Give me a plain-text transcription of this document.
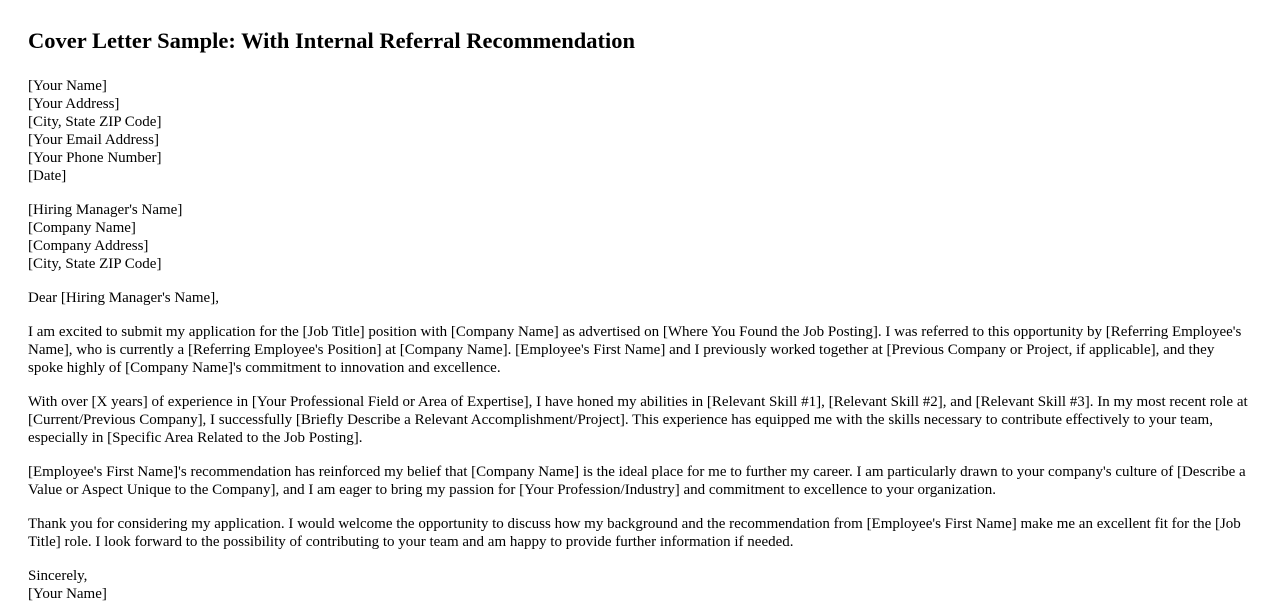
Cover Letter Sample: With Internal Referral Recommendation
[Your Name]
[Your Address]
[City, State ZIP Code]
[Your Email Address]
[Your Phone Number]
[Date]
[Hiring Manager's Name]
[Company Name]
[Company Address]
[City, State ZIP Code]

Dear [Hiring Manager's Name],

I am excited to submit my application for the [Job Title] position with [Company Name] as advertised on [Where You Found the Job Posting]. I was referred to this opportunity by [Referring Employee's Name], who is currently a [Referring Employee's Position] at [Company Name]. [Employee's First Name] and I previously worked together at [Previous Company or Project, if applicable], and they spoke highly of [Company Name]'s commitment to innovation and excellence.

With over [X years] of experience in [Your Professional Field or Area of Expertise], I have honed my abilities in [Relevant Skill #1], [Relevant Skill #2], and [Relevant Skill #3]. In my most recent role at [Current/Previous Company], I successfully [Briefly Describe a Relevant Accomplishment/Project]. This experience has equipped me with the skills necessary to contribute effectively to your team, especially in [Specific Area Related to the Job Posting].

[Employee's First Name]'s recommendation has reinforced my belief that [Company Name] is the ideal place for me to further my career. I am particularly drawn to your company's culture of [Describe a Value or Aspect Unique to the Company], and I am eager to bring my passion for [Your Profession/Industry] and commitment to excellence to your organization.

Thank you for considering my application. I would welcome the opportunity to discuss how my background and the recommendation from [Employee's First Name] make me an excellent fit for the [Job Title] role. I look forward to the possibility of contributing to your team and am happy to provide further information if needed.

Sincerely,
[Your Name]
